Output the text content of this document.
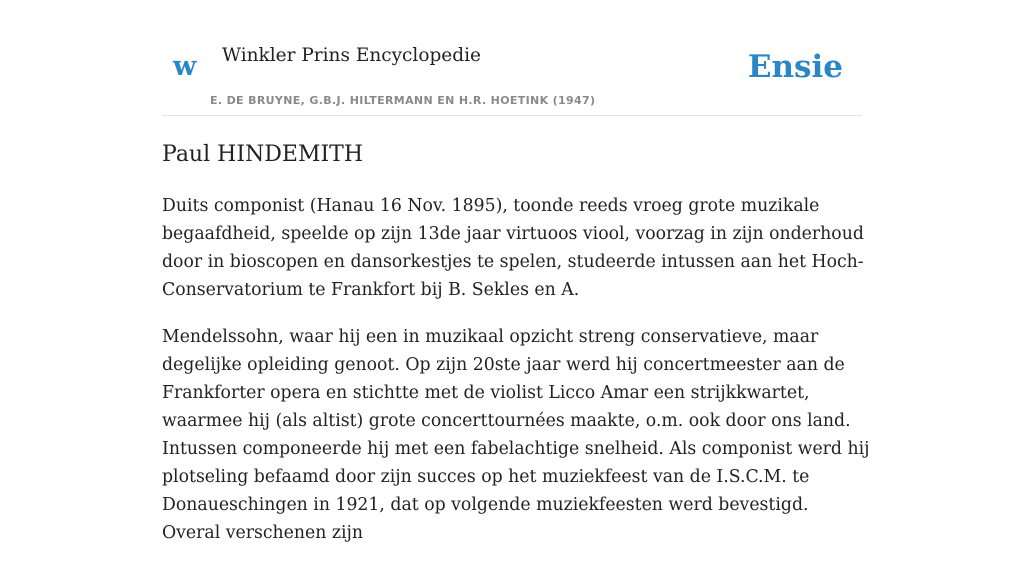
w Winkler Prins Encyclopedie
E. DE BRUYNE, G.B.J. HILTERMANN EN H.R. HOETINK (1947)
Ensie
Paul HINDEMITH

Duits componist (Hanau 16 Nov. 1895), toonde reeds vroeg grote muzikale begaafdheid, speelde op zijn 13de jaar virtuoos viool, voorzag in zijn onderhoud door in bioscopen en dansorkestjes te spelen, studeerde intussen aan het Hoch-Conservatorium te Frankfort bij B. Sekles en A.

Mendelssohn, waar hij een in muzikaal opzicht streng conservatieve, maar degelijke opleiding genoot. Op zijn 20ste jaar werd hij concertmeester aan de Frankforter opera en stichtte met de violist Licco Amar een strijkkwartet, waarmee hij (als altist) grote concerttournées maakte, o.m. ook door ons land. Intussen componeerde hij met een fabelachtige snelheid. Als componist werd hij plotseling befaamd door zijn succes op het muziekfeest van de I.S.C.M. te Donaueschingen in 1921, dat op volgende muziekfeesten werd bevestigd. Overal verschenen zijn
